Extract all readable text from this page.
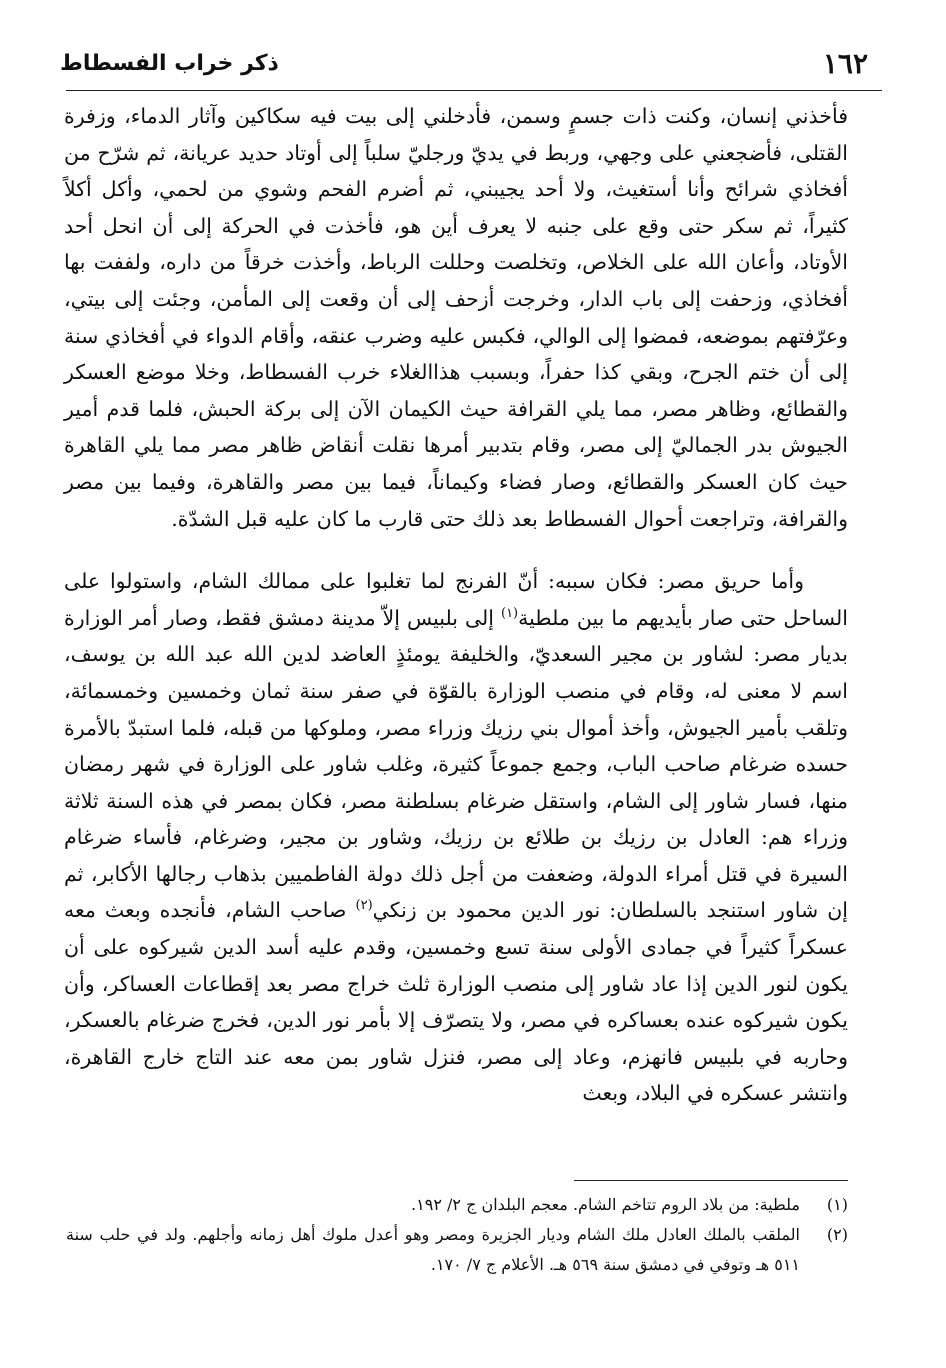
١٦٢
ذكر خراب الفسطاط

فأخذني إنسان، وكنت ذات جسمٍ وسمن، فأدخلني إلى بيت فيه سكاكين وآثار الدماء، وزفرة القتلى، فأضجعني على وجهي، وربط في يديّ ورجليّ سلباً إلى أوتاد حديد عريانة، ثم شرّح من أفخاذي شرائح وأنا أستغيث، ولا أحد يجيبني، ثم أضرم الفحم وشوي من لحمي، وأكل أكلاً كثيراً، ثم سكر حتى وقع على جنبه لا يعرف أين هو، فأخذت في الحركة إلى أن انحل أحد الأوتاد، وأعان الله على الخلاص، وتخلصت وحللت الرباط، وأخذت خرقاً من داره، ولففت بها أفخاذي، وزحفت إلى باب الدار، وخرجت أزحف إلى أن وقعت إلى المأمن، وجئت إلى بيتي، وعرّفتهم بموضعه، فمضوا إلى الوالي، فكبس عليه وضرب عنقه، وأقام الدواء في أفخاذي سنة إلى أن ختم الجرح، وبقي كذا حفراً، وبسبب هذاالغلاء خرب الفسطاط، وخلا موضع العسكر والقطائع، وظاهر مصر، مما يلي القرافة حيث الكيمان الآن إلى بركة الحبش، فلما قدم أمير الجيوش بدر الجماليّ إلى مصر، وقام بتدبير أمرها نقلت أنقاض ظاهر مصر مما يلي القاهرة حيث كان العسكر والقطائع، وصار فضاء وكيماناً، فيما بين مصر والقاهرة، وفيما بين مصر والقرافة، وتراجعت أحوال الفسطاط بعد ذلك حتى قارب ما كان عليه قبل الشدّة.

وأما حريق مصر: فكان سببه: أنّ الفرنج لما تغلبوا على ممالك الشام، واستولوا على الساحل حتى صار بأيديهم ما بين ملطية$^{(١)}$ إلى بلبيس إلاّ مدينة دمشق فقط، وصار أمر الوزارة بديار مصر: لشاور بن مجير السعديّ، والخليفة يومئذٍ العاضد لدين الله عبد الله بن يوسف، اسم لا معنى له، وقام في منصب الوزارة بالقوّة في صفر سنة ثمان وخمسين وخمسمائة، وتلقب بأمير الجيوش، وأخذ أموال بني رزيك وزراء مصر، وملوكها من قبله، فلما استبدّ بالأمرة حسده ضرغام صاحب الباب، وجمع جموعاً كثيرة، وغلب شاور على الوزارة في شهر رمضان منها، فسار شاور إلى الشام، واستقل ضرغام بسلطنة مصر، فكان بمصر في هذه السنة ثلاثة وزراء هم: العادل بن رزيك بن طلائع بن رزيك، وشاور بن مجير، وضرغام، فأساء ضرغام السيرة في قتل أمراء الدولة، وضعفت من أجل ذلك دولة الفاطميين بذهاب رجالها الأكابر، ثم إن شاور استنجد بالسلطان: نور الدين محمود بن زنكي$^{(٢)}$ صاحب الشام، فأنجده وبعث معه عسكراً كثيراً في جمادى الأولى سنة تسع وخمسين، وقدم عليه أسد الدين شيركوه على أن يكون لنور الدين إذا عاد شاور إلى منصب الوزارة ثلث خراج مصر بعد إقطاعات العساكر، وأن يكون شيركوه عنده بعساكره في مصر، ولا يتصرّف إلا بأمر نور الدين، فخرج ضرغام بالعسكر، وحاربه في بلبيس فانهزم، وعاد إلى مصر، فنزل شاور بمن معه عند التاج خارج القاهرة، وانتشر عسكره في البلاد، وبعث

(١)
ملطية: من بلاد الروم تتاخم الشام. معجم البلدان ج ٢/ ١٩٢.

(٢)
الملقب بالملك العادل ملك الشام وديار الجزيرة ومصر وهو أعدل ملوك أهل زمانه وأجلهم. ولد في حلب سنة ٥١١ هـ وتوفي في دمشق سنة ٥٦٩ هـ. الأعلام ج ٧/ ١٧٠.
